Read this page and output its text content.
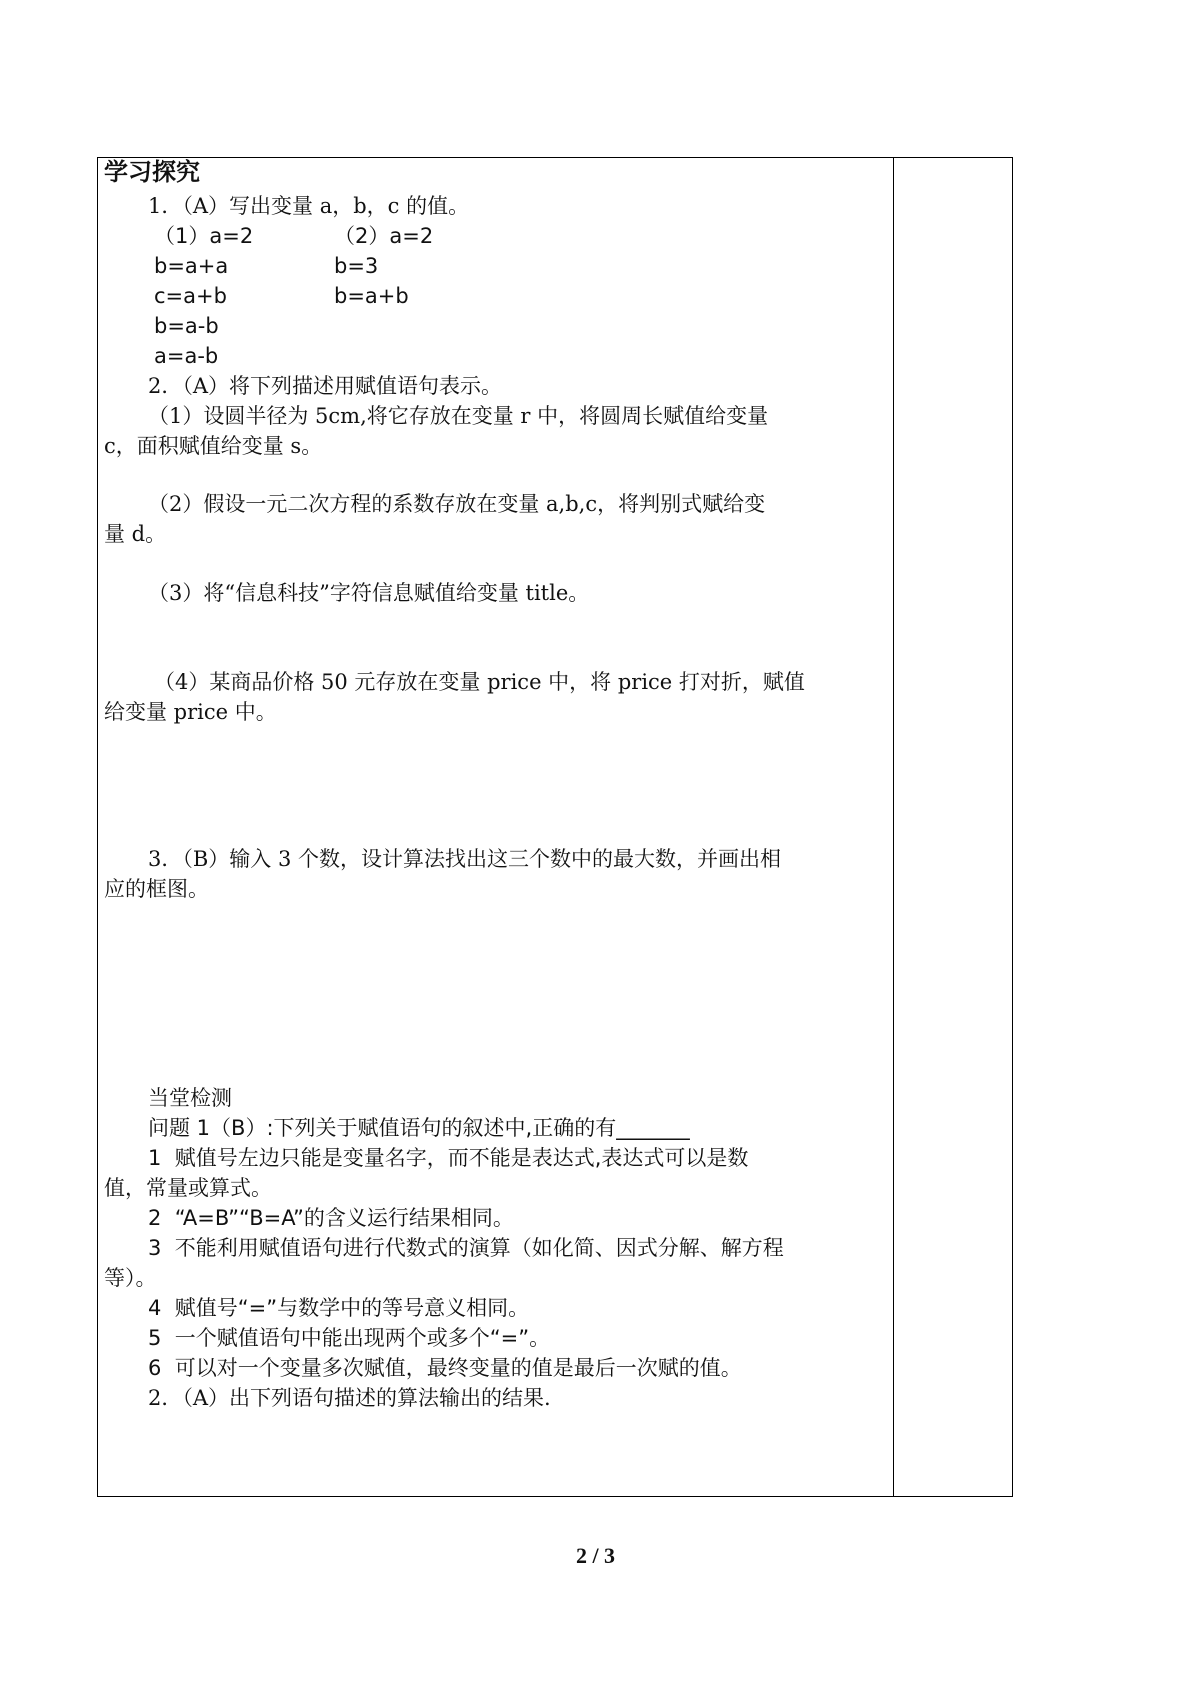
学习探究
1．（A）写出变量 a，b，c 的值。
（1）a=2
b=a+a
c=a+b
b=a-b
a=a-b
（2）a=2
b=3
b=a+b
2．（A）将下列描述用赋值语句表示。
（1）设圆半径为 5cm,将它存放在变量 r 中，将圆周长赋值给变量
c，面积赋值给变量 s。
（2）假设一元二次方程的系数存放在变量 a,b,c，将判别式赋给变
量 d。
（3）将“信息科技”字符信息赋值给变量 title。
（4）某商品价格 50 元存放在变量 price 中，将 price 打对折，赋值
给变量 price 中。
3．（B）输入 3 个数，设计算法找出这三个数中的最大数，并画出相
应的框图。
当堂检测
问题 1（B）:下列关于赋值语句的叙述中,正确的有_______
1 赋值号左边只能是变量名字，而不能是表达式,表达式可以是数
值，常量或算式。
2 “A=B”“B=A”的含义运行结果相同。
3 不能利用赋值语句进行代数式的演算（如化简、因式分解、解方程
等）。
4 赋值号“=”与数学中的等号意义相同。
5 一个赋值语句中能出现两个或多个“=”。
6 可以对一个变量多次赋值，最终变量的值是最后一次赋的值。
2．（A）出下列语句描述的算法输出的结果.
2 / 3
